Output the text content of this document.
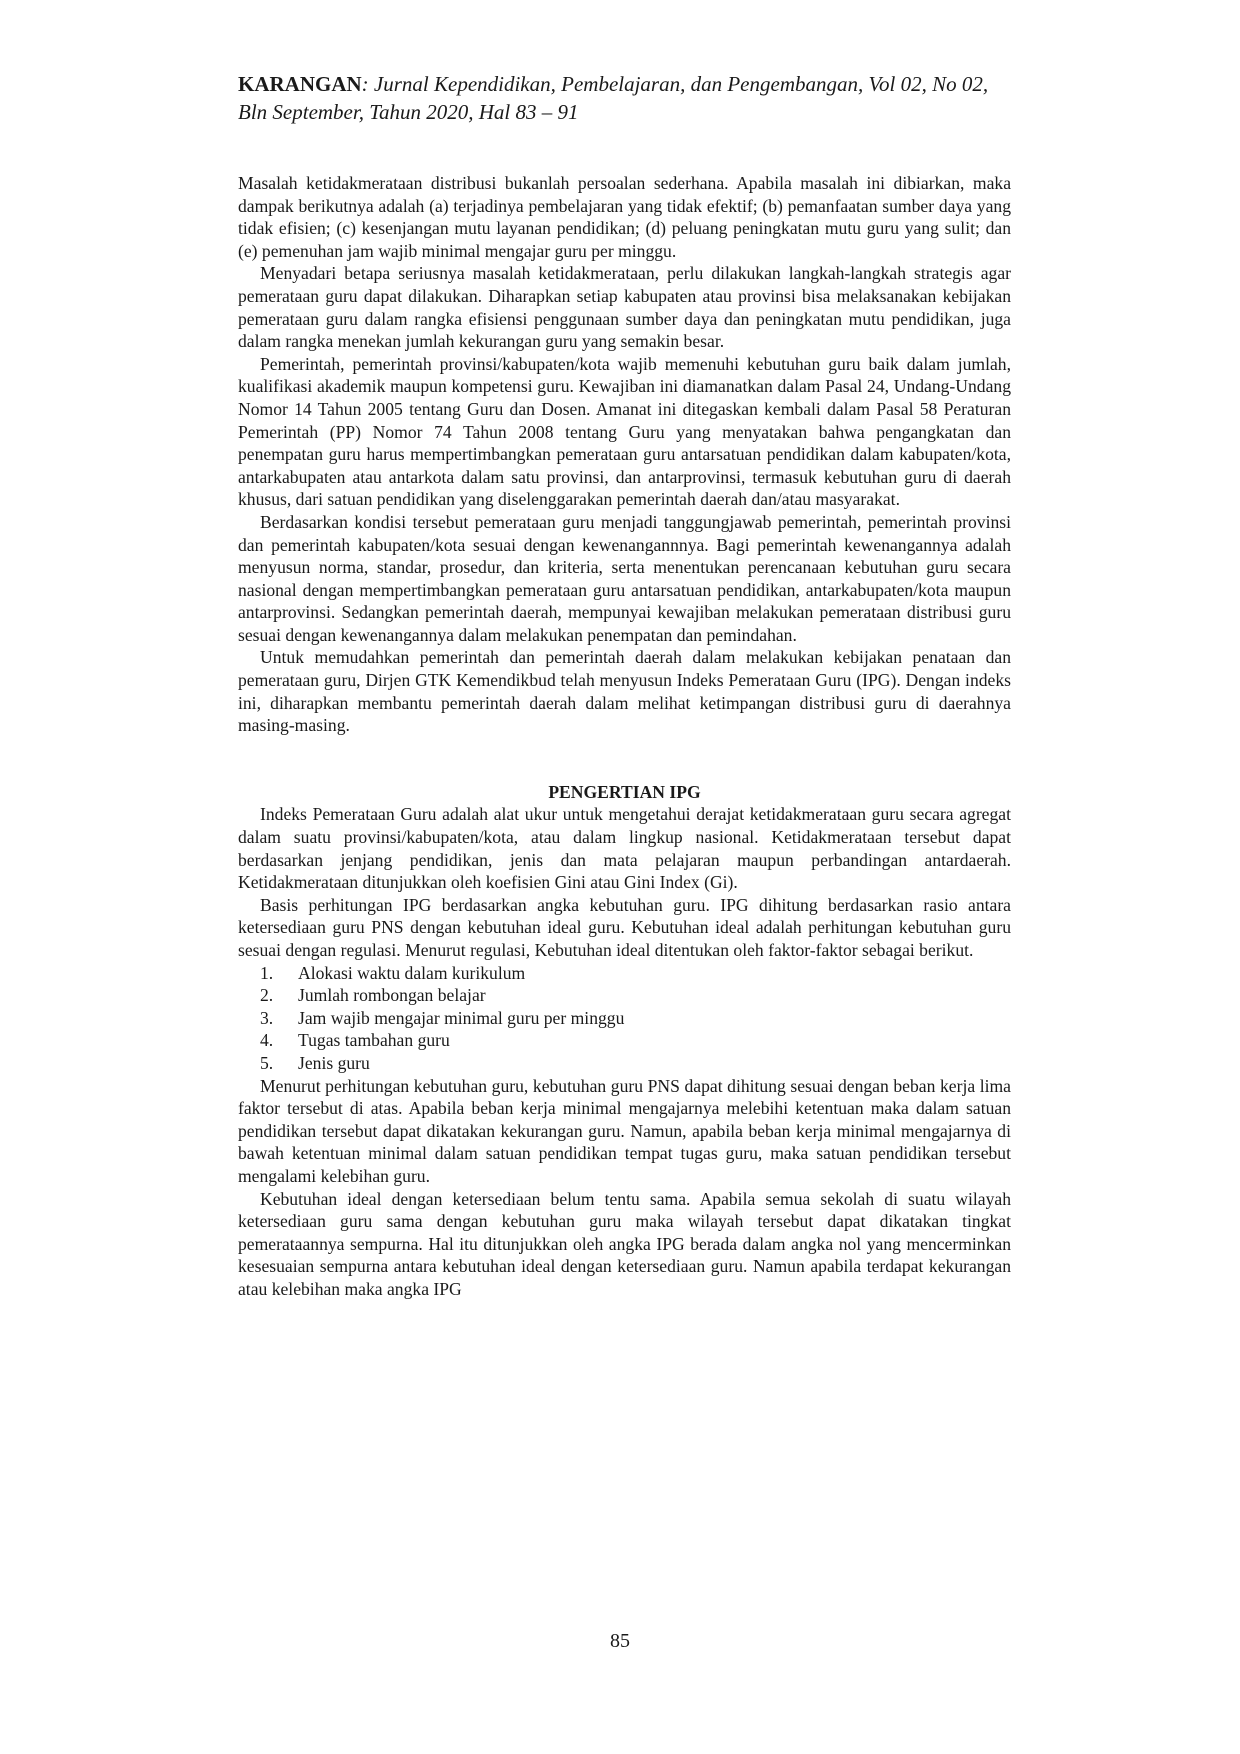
KARANGAN: Jurnal Kependidikan, Pembelajaran, dan Pengembangan, Vol 02, No 02, Bln September, Tahun 2020, Hal 83 – 91

Masalah ketidakmerataan distribusi bukanlah persoalan sederhana. Apabila masalah ini dibiarkan, maka dampak berikutnya adalah (a) terjadinya pembelajaran yang tidak efektif; (b) pemanfaatan sumber daya yang tidak efisien; (c) kesenjangan mutu layanan pendidikan; (d) peluang peningkatan mutu guru yang sulit; dan (e) pemenuhan jam wajib minimal mengajar guru per minggu.

Menyadari betapa seriusnya masalah ketidakmerataan, perlu dilakukan langkah-langkah strategis agar pemerataan guru dapat dilakukan. Diharapkan setiap kabupaten atau provinsi bisa melaksanakan kebijakan pemerataan guru dalam rangka efisiensi penggunaan sumber daya dan peningkatan mutu pendidikan, juga dalam rangka menekan jumlah kekurangan guru yang semakin besar.

Pemerintah, pemerintah provinsi/kabupaten/kota wajib memenuhi kebutuhan guru baik dalam jumlah, kualifikasi akademik maupun kompetensi guru. Kewajiban ini diamanatkan dalam Pasal 24, Undang-Undang Nomor 14 Tahun 2005 tentang Guru dan Dosen. Amanat ini ditegaskan kembali dalam Pasal 58 Peraturan Pemerintah (PP) Nomor 74 Tahun 2008 tentang Guru yang menyatakan bahwa pengangkatan dan penempatan guru harus mempertimbangkan pemerataan guru antarsatuan pendidikan dalam kabupaten/kota, antarkabupaten atau antarkota dalam satu provinsi, dan antarprovinsi, termasuk kebutuhan guru di daerah khusus, dari satuan pendidikan yang diselenggarakan pemerintah daerah dan/atau masyarakat.

Berdasarkan kondisi tersebut pemerataan guru menjadi tanggungjawab pemerintah, pemerintah provinsi dan pemerintah kabupaten/kota sesuai dengan kewenangannnya. Bagi pemerintah kewenangannya adalah menyusun norma, standar, prosedur, dan kriteria, serta menentukan perencanaan kebutuhan guru secara nasional dengan mempertimbangkan pemerataan guru antarsatuan pendidikan, antarkabupaten/kota maupun antarprovinsi. Sedangkan pemerintah daerah, mempunyai kewajiban melakukan pemerataan distribusi guru sesuai dengan kewenangannya dalam melakukan penempatan dan pemindahan.

Untuk memudahkan pemerintah dan pemerintah daerah dalam melakukan kebijakan penataan dan pemerataan guru, Dirjen GTK Kemendikbud telah menyusun Indeks Pemerataan Guru (IPG). Dengan indeks ini, diharapkan membantu pemerintah daerah dalam melihat ketimpangan distribusi guru di daerahnya masing-masing.

PENGERTIAN IPG

Indeks Pemerataan Guru adalah alat ukur untuk mengetahui derajat ketidakmerataan guru secara agregat dalam suatu provinsi/kabupaten/kota, atau dalam lingkup nasional. Ketidakmerataan tersebut dapat berdasarkan jenjang pendidikan, jenis dan mata pelajaran maupun perbandingan antardaerah. Ketidakmerataan ditunjukkan oleh koefisien Gini atau Gini Index (Gi).

Basis perhitungan IPG berdasarkan angka kebutuhan guru. IPG dihitung berdasarkan rasio antara ketersediaan guru PNS dengan kebutuhan ideal guru. Kebutuhan ideal adalah perhitungan kebutuhan guru sesuai dengan regulasi. Menurut regulasi, Kebutuhan ideal ditentukan oleh faktor-faktor sebagai berikut.

1.	Alokasi waktu dalam kurikulum
2.	Jumlah rombongan belajar
3.	Jam wajib mengajar minimal guru per minggu
4.	Tugas tambahan guru
5.	Jenis guru

Menurut perhitungan kebutuhan guru, kebutuhan guru PNS dapat dihitung sesuai dengan beban kerja lima faktor tersebut di atas. Apabila beban kerja minimal mengajarnya melebihi ketentuan maka dalam satuan pendidikan tersebut dapat dikatakan kekurangan guru. Namun, apabila beban kerja minimal mengajarnya di bawah ketentuan minimal dalam satuan pendidikan tempat tugas guru, maka satuan pendidikan tersebut mengalami kelebihan guru.

Kebutuhan ideal dengan ketersediaan belum tentu sama. Apabila semua sekolah di suatu wilayah ketersediaan guru sama dengan kebutuhan guru maka wilayah tersebut dapat dikatakan tingkat pemerataannya sempurna. Hal itu ditunjukkan oleh angka IPG berada dalam angka nol yang mencerminkan kesesuaian sempurna antara kebutuhan ideal dengan ketersediaan guru. Namun apabila terdapat kekurangan atau kelebihan maka angka IPG

85
